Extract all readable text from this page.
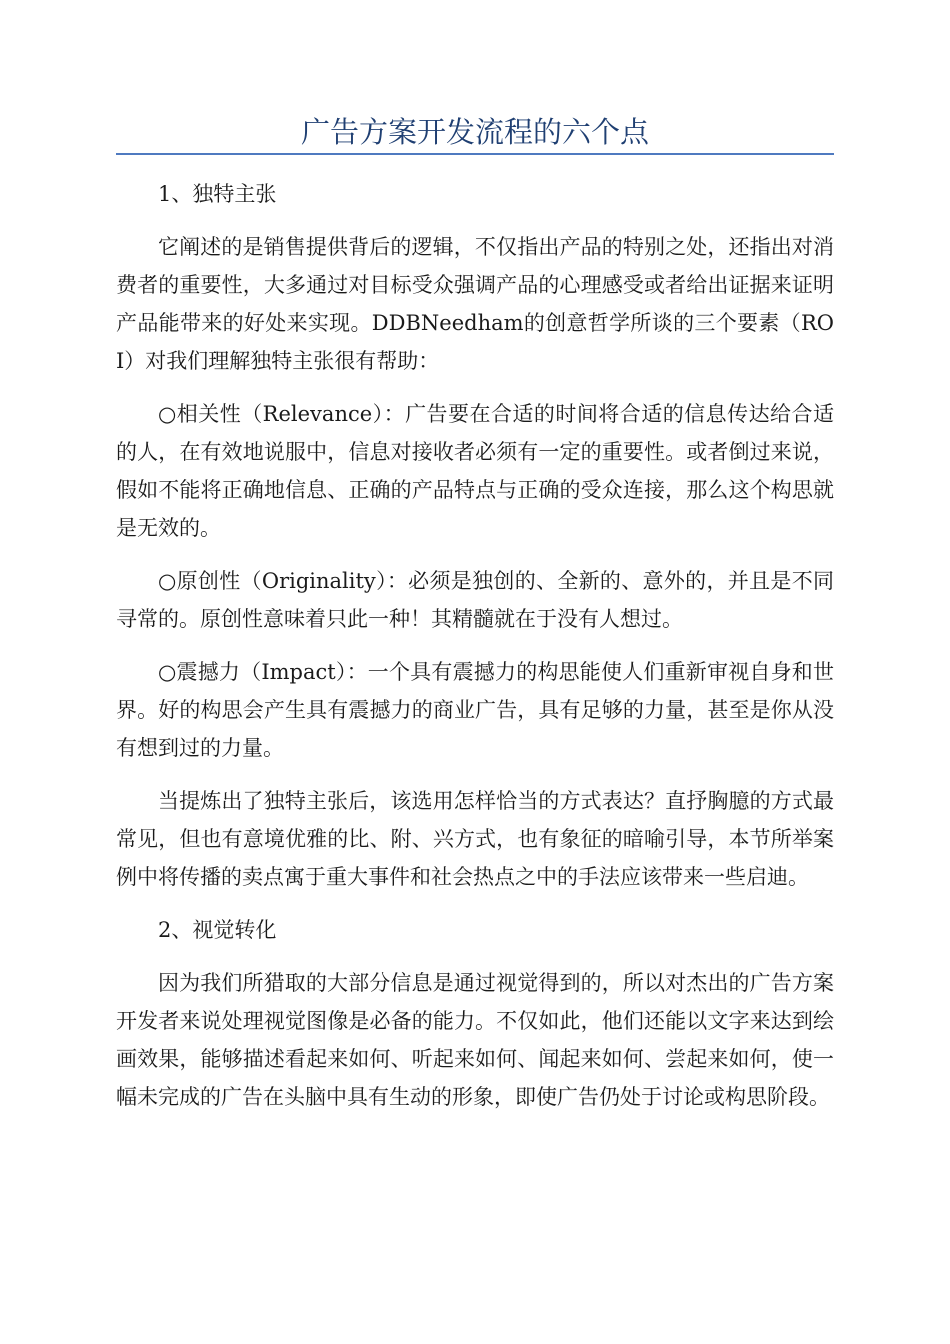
广告方案开发流程的六个点

1、独特主张

它阐述的是销售提供背后的逻辑，不仅指出产品的特别之处，还指出对消费者的重要性，大多通过对目标受众强调产品的心理感受或者给出证据来证明产品能带来的好处来实现。DDBNeedham的创意哲学所谈的三个要素（ROI）对我们理解独特主张很有帮助：

○相关性（Relevance）：广告要在合适的时间将合适的信息传达给合适的人，在有效地说服中，信息对接收者必须有一定的重要性。或者倒过来说，假如不能将正确地信息、正确的产品特点与正确的受众连接，那么这个构思就是无效的。

○原创性（Originality）：必须是独创的、全新的、意外的，并且是不同寻常的。原创性意味着只此一种！其精髓就在于没有人想过。

○震撼力（Impact）：一个具有震撼力的构思能使人们重新审视自身和世界。好的构思会产生具有震撼力的商业广告，具有足够的力量，甚至是你从没有想到过的力量。

当提炼出了独特主张后，该选用怎样恰当的方式表达？直抒胸臆的方式最常见，但也有意境优雅的比、附、兴方式，也有象征的暗喻引导，本节所举案例中将传播的卖点寓于重大事件和社会热点之中的手法应该带来一些启迪。

2、视觉转化

因为我们所猎取的大部分信息是通过视觉得到的，所以对杰出的广告方案开发者来说处理视觉图像是必备的能力。不仅如此，他们还能以文字来达到绘画效果，能够描述看起来如何、听起来如何、闻起来如何、尝起来如何，使一幅未完成的广告在头脑中具有生动的形象，即使广告仍处于讨论或构思阶段。
